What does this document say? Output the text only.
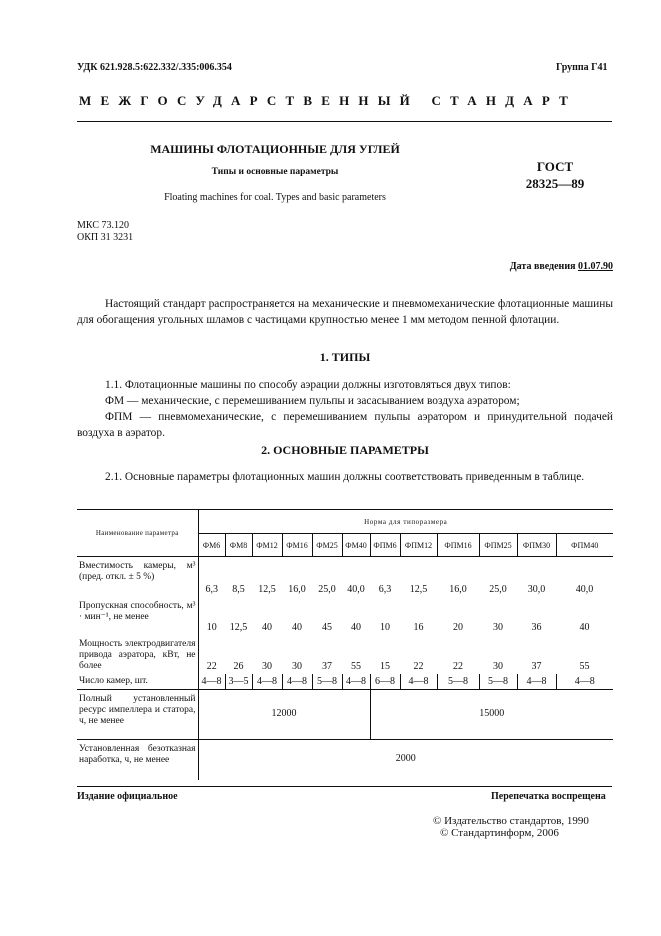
УДК 621.928.5:622.332/.335:006.354	Группа Г41
МЕЖГОСУДАРСТВЕННЫЙ СТАНДАРТ
МАШИНЫ ФЛОТАЦИОННЫЕ ДЛЯ УГЛЕЙ
Типы и основные параметры
Floating machines for coal. Types and basic parameters
ГОСТ
28325—89
МКС 73.120
ОКП 31 3231
Дата введения 01.07.90
Настоящий стандарт распространяется на механические и пневмомеханические флотационные машины для обогащения угольных шламов с частицами крупностью менее 1 мм методом пенной флотации.
1. ТИПЫ
1.1. Флотационные машины по способу аэрации должны изготовляться двух типов:
ФМ — механические, с перемешиванием пульпы и засасыванием воздуха аэратором;
ФПМ — пневмомеханические, с перемешиванием пульпы аэратором и принудительной подачей воздуха в аэратор.
2. ОСНОВНЫЕ ПАРАМЕТРЫ
2.1. Основные параметры флотационных машин должны соответствовать приведенным в таблице.
Наименование параметра	Норма для типоразмера											
	ФМ6	ФМ8	ФМ12	ФМ16	ФМ25	ФМ40	ФПМ6	ФПМ12	ФПМ16	ФПМ25	ФПМ30	ФПМ40
Вместимость камеры, м³ (пред. откл. ± 5 %)	6,3	8,5	12,5	16,0	25,0	40,0	6,3	12,5	16,0	25,0	30,0	40,0
Пропускная способность, м³ · мин⁻¹, не менее	10	12,5	40	40	45	40	10	16	20	30	36	40
Мощность электродвигателя привода аэратора, кВт, не более	22	26	30	30	37	55	15	22	22	30	37	55
Число камер, шт.	4—8	3—5	4—8	4—8	5—8	4—8	6—8	4—8	5—8	5—8	4—8	4—8
Полный установленный ресурс импеллера и статора, ч, не менее	12000						15000					
Установленная безотказная наработка, ч, не менее	2000											
Издание официальное	Перепечатка воспрещена
© Издательство стандартов, 1990
© Стандартинформ, 2006
